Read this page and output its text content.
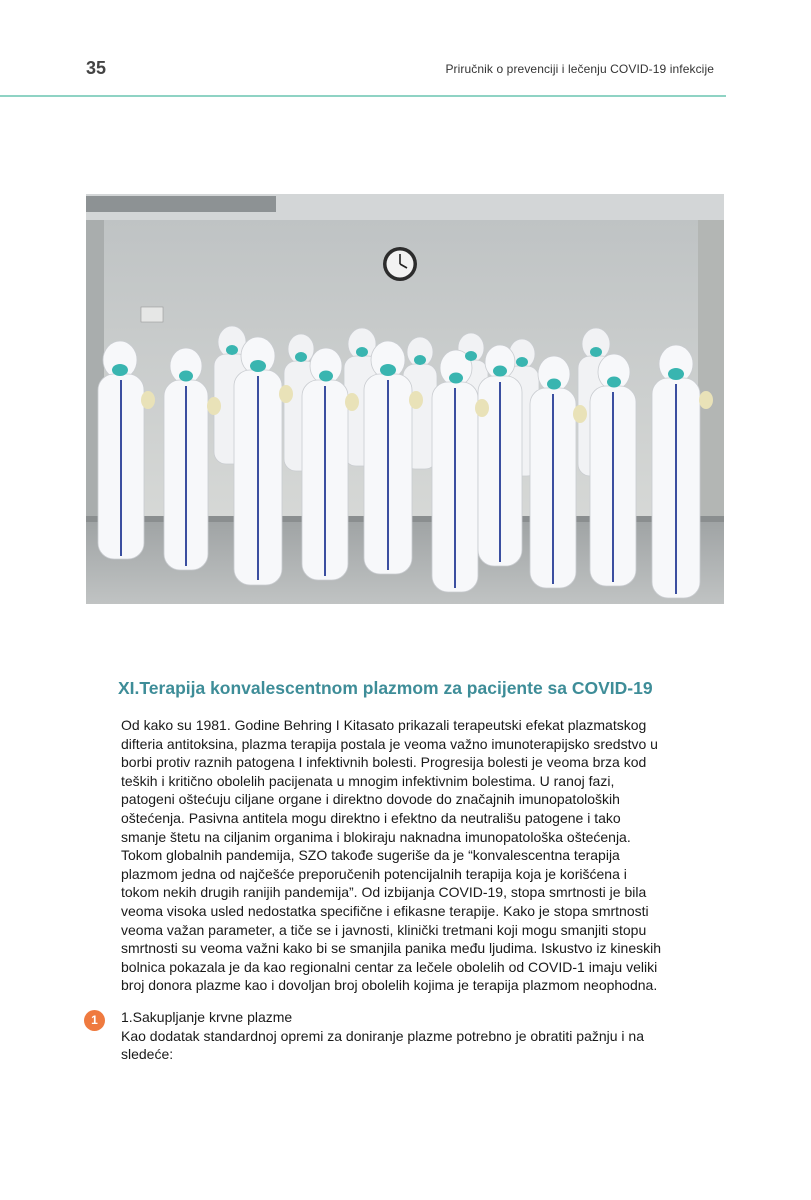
35	Priručnik o prevenciji i lečenju COVID-19 infekcije
XI.Terapija konvalescentnom plazmom za pacijente sa COVID-19
Od kako su 1981. Godine Behring I Kitasato prikazali terapeutski efekat plazmatskog
difteria antitoksina, plazma terapija postala je veoma važno imunoterapijsko sredstvo u
borbi protiv raznih patogena I infektivnih bolesti. Progresija bolesti je veoma brza kod
teških i kritično obolelih pacijenata u mnogim infektivnim bolestima. U ranoj fazi,
patogeni oštećuju ciljane organe i direktno dovode do značajnih imunopatoloških
oštećenja. Pasivna antitela mogu direktno i efektno da neutrališu patogene i tako
smanje štetu na ciljanim organima i blokiraju naknadna imunopatološka oštećenja.
Tokom globalnih pandemija, SZO takođe sugeriše da je “konvalescentna terapija
plazmom jedna od najčešće preporučenih potencijalnih terapija koja je korišćena i
tokom nekih drugih ranijih pandemija”. Od izbijanja COVID-19, stopa smrtnosti je bila
veoma visoka usled nedostatka specifične i efikasne terapije. Kako je stopa smrtnosti
veoma važan parameter, a tiče se i javnosti, klinički tretmani koji mogu smanjiti stopu
smrtnosti su veoma važni kako bi se smanjila panika među ljudima. Iskustvo iz kineskih
bolnica pokazala je da kao regionalni centar za lečele obolelih od COVID-1 imaju veliki
broj donora plazme kao i dovoljan broj obolelih kojima je terapija plazmom neophodna.
1	1.Sakupljanje krvne plazme
Kao dodatak standardnoj opremi za doniranje plazme potrebno je obratiti pažnju i na
sledeće:
